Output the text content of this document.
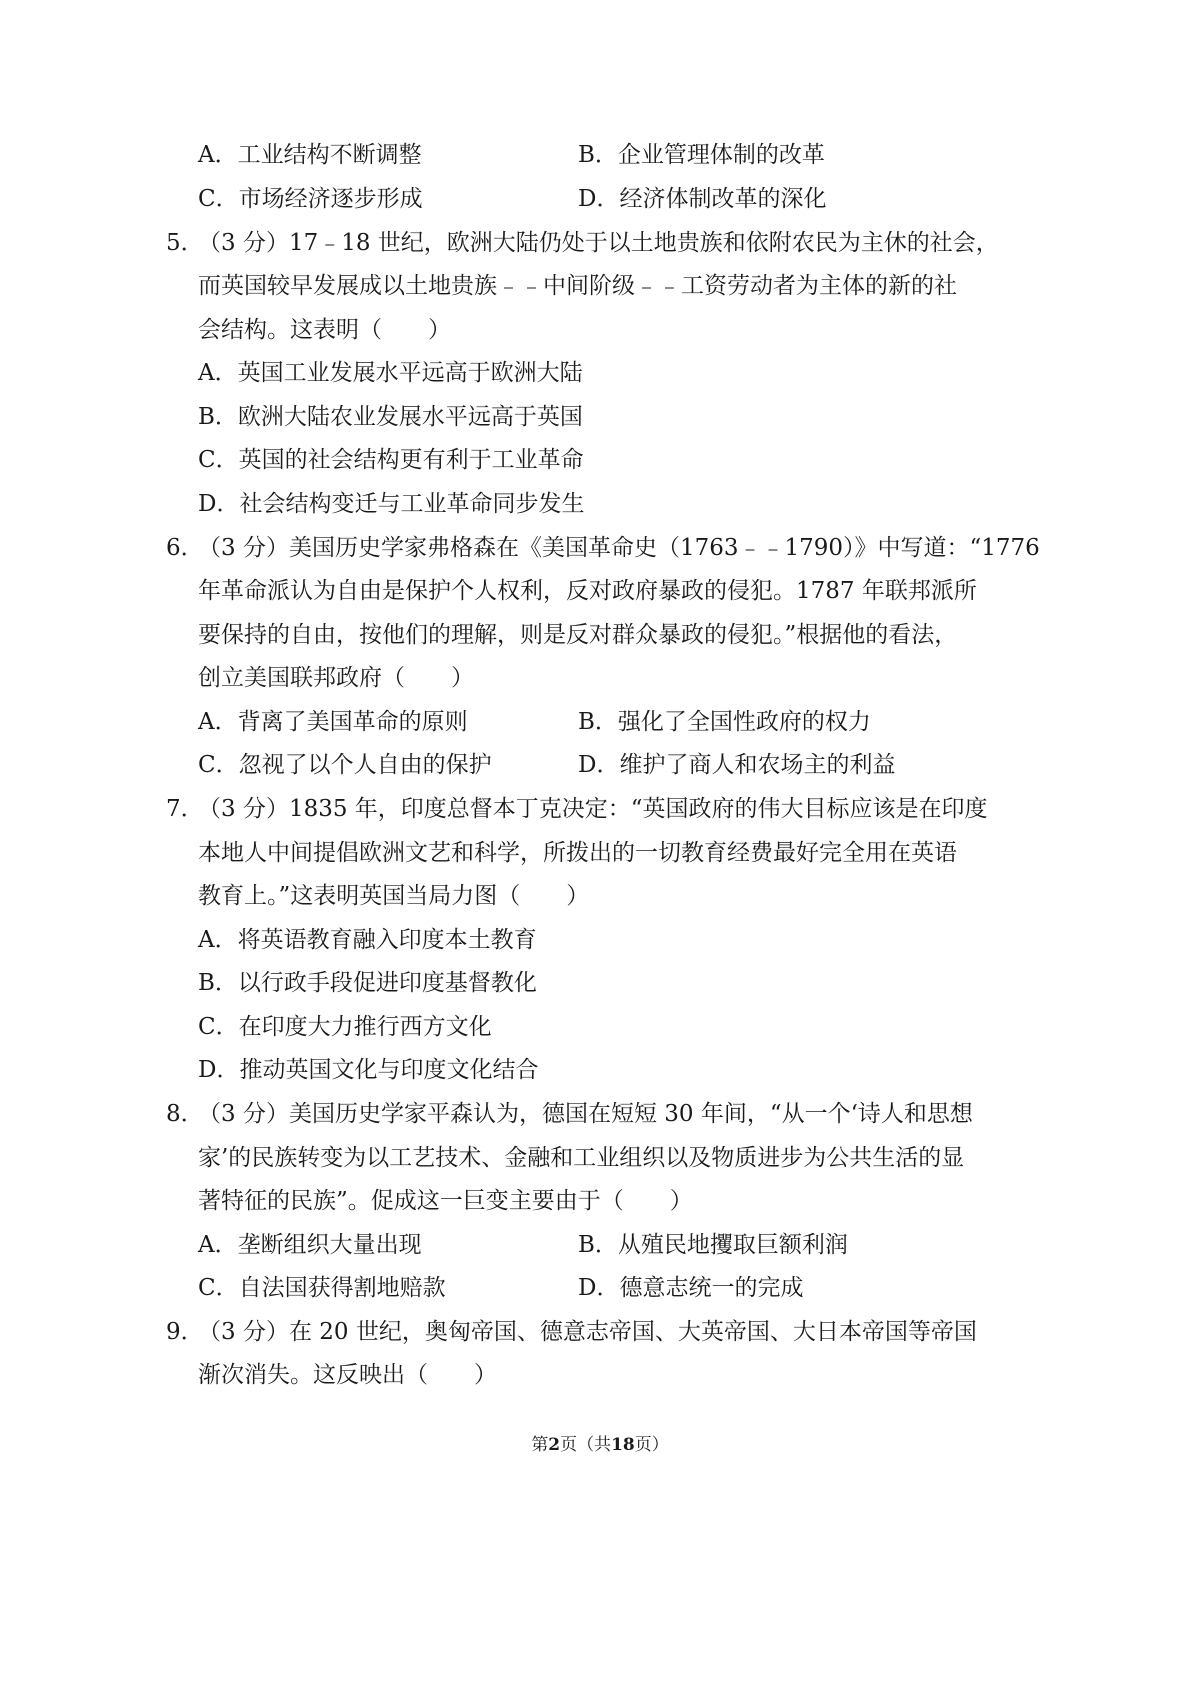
A．工业结构不断调整	B．企业管理体制的改革
C．市场经济逐步形成	D．经济体制改革的深化
5．
（3 分）17﹣18 世纪，欧洲大陆仍处于以土地贵族和依附农民为主休的社会，
而英国较早发展成以土地贵族﹣﹣中间阶级﹣﹣工资劳动者为主体的新的社
会结构。这表明（　　）
A．英国工业发展水平远高于欧洲大陆
B．欧洲大陆农业发展水平远高于英国
C．英国的社会结构更有利于工业革命
D．社会结构变迁与工业革命同步发生
6．
（3 分）美国历史学家弗格森在《美国革命史（1763﹣﹣1790）》中写道：“1776
年革命派认为自由是保护个人权利，反对政府暴政的侵犯。1787 年联邦派所
要保持的自由，按他们的理解，则是反对群众暴政的侵犯。”根据他的看法，
创立美国联邦政府（　　）
A．背离了美国革命的原则	B．强化了全国性政府的权力
C．忽视了以个人自由的保护	D．维护了商人和农场主的利益
7．
（3 分）1835 年，印度总督本丁克决定：“英国政府的伟大目标应该是在印度
本地人中间提倡欧洲文艺和科学，所拨出的一切教育经费最好完全用在英语
教育上。”这表明英国当局力图（　　）
A．将英语教育融入印度本土教育
B．以行政手段促进印度基督教化
C．在印度大力推行西方文化
D．推动英国文化与印度文化结合
8．
（3 分）美国历史学家平森认为，德国在短短 30 年间，“从一个‘诗人和思想
家’的民族转变为以工艺技术、金融和工业组织以及物质进步为公共生活的显
著特征的民族”。促成这一巨变主要由于（　　）
A．垄断组织大量出现	B．从殖民地攫取巨额利润
C．自法国获得割地赔款	D．德意志统一的完成
9．
（3 分）在 20 世纪，奥匈帝国、德意志帝国、大英帝国、大日本帝国等帝国
渐次消失。这反映出（　　）
第2页（共18页）
